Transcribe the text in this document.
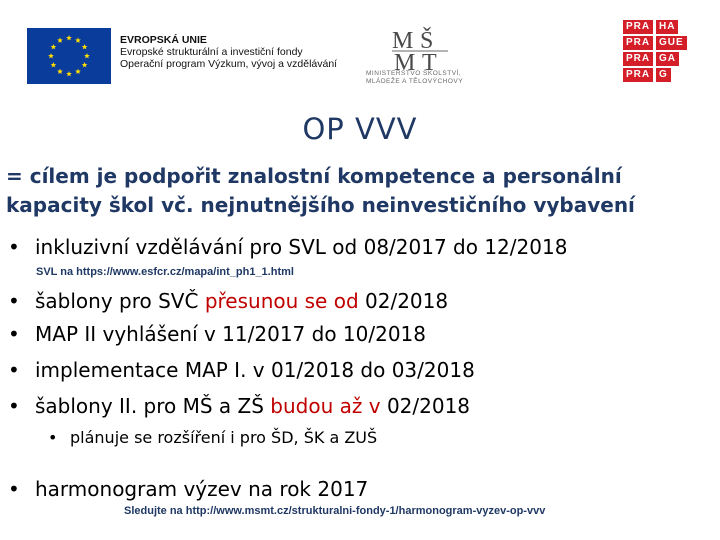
EVROPSKÁ UNIE
Evropské strukturální a investiční fondy
Operační program Výzkum, vývoj a vzdělávání
M Š
M T
MINISTERSTVO ŠKOLSTVÍ,
MLÁDEŽE A TĚLOVÝCHOVY
PRA HA
PRA GUE
PRA GA
PRA G
OP VVV
= cílem je podpořit znalostní kompetence a personální kapacity škol vč. nejnutnějšího neinvestičního vybavení
• inkluzivní vzdělávání pro SVL od 08/2017 do 12/2018
SVL na https://www.esfcr.cz/mapa/int_ph1_1.html
• šablony pro SVČ přesunou se od 02/2018
• MAP II vyhlášení v 11/2017 do 10/2018
• implementace MAP I. v 01/2018 do 03/2018
• šablony II. pro MŠ a ZŠ budou až v 02/2018
• plánuje se rozšíření i pro ŠD, ŠK a ZUŠ
• harmonogram výzev na rok 2017
Sledujte na http://www.msmt.cz/strukturalni-fondy-1/harmonogram-vyzev-op-vvv
